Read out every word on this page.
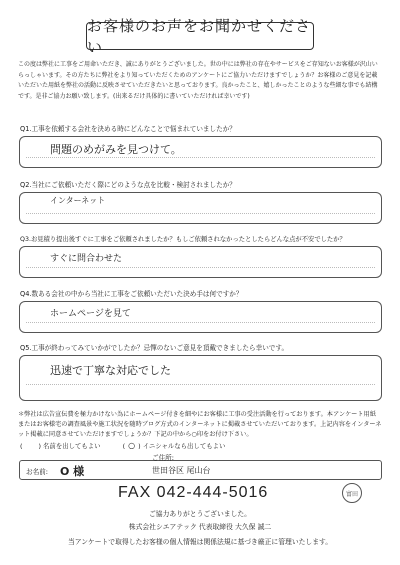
お客様のお声をお聞かせください

この度は弊社に工事をご用命いただき、誠にありがとうございました。世の中には弊社の存在やサービスをご存知ないお客様が沢山いらっしゃいます。その方たちに弊社をより知っていただくためのアンケートにご協力いただけますでしょうか？お客様のご意見を記載いただいた用紙を弊社の活動に反映させていただきたいと思っております。良かったこと、嬉しかったことのような些細な事でも結構です。是非ご協力お願い致します。(出来るだけ具体的に書いていただければ幸いです)

Q1.工事を依頼する会社を決める時にどんなことで悩まれていましたか？
問題のめがみを見つけて。
Q2.当社にご依頼いただく際にどのような点を比較・検討されましたか？
インターネット
Q3.お見積り提出後すぐに工事をご依頼されましたか？もしご依頼されなかったとしたらどんな点が不安でしたか？
すぐに問合わせた
Q4.数ある会社の中から当社に工事をご依頼いただいた決め手は何ですか？
ホームページを見て
Q5.工事が終わってみていかがでしたか？忌憚のないご意見を頂戴できましたら幸いです。
迅速で丁寧な対応でした

＊弊社は広告宣伝費を極力かけない為にホームページ付きを細やにお客様に工事の受注活動を行っております。本アンケート用紙またはお客様宅の調査風景や施工状況を随時ブログ方式のインターネットに掲載させていただいております。上記内容をインターネット掲載に同意させていただけますでしょうか？下記の中から○印をお付け下さい。

(	) 名前を出してもよい	( ○ ) イニシャルなら出してもよい
お名前: O 様
ご住所:
世田谷区 尾山台
FAX 042-444-5016	富田
ご協力ありがとうございました。
株式会社シエアテック 代表取締役 大久保 誠二
当アンケートで取得したお客様の個人情報は関係法規に基づき厳正に管理いたします。
